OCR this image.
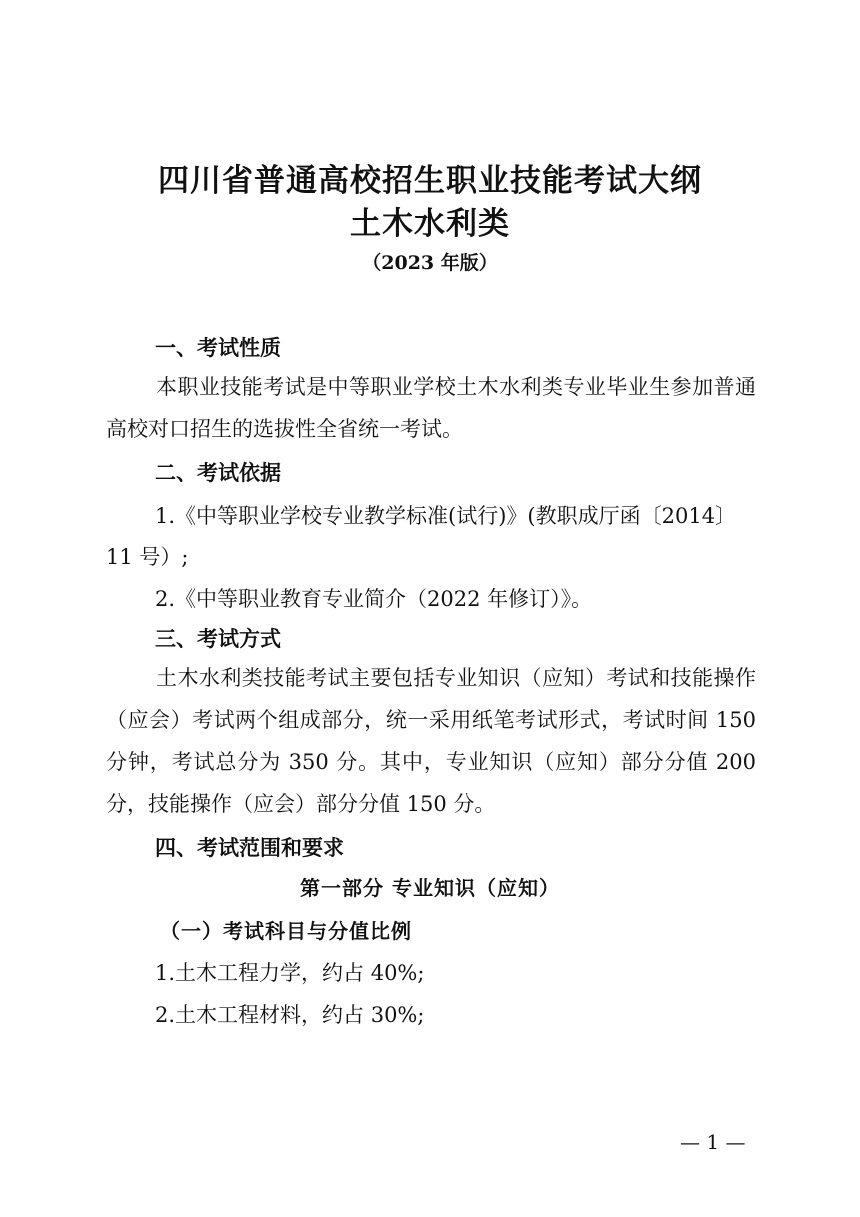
四川省普通高校招生职业技能考试大纲
土木水利类
（2023 年版）
一、考试性质

本职业技能考试是中等职业学校土木水利类专业毕业生参加普通高校对口招生的选拔性全省统一考试。

二、考试依据
1.《中等职业学校专业教学标准(试行)》(教职成厅函〔2014〕
11 号）;
2.《中等职业教育专业简介（2022 年修订）》。
三、考试方式

土木水利类技能考试主要包括专业知识（应知）考试和技能操作（应会）考试两个组成部分，统一采用纸笔考试形式，考试时间 150 分钟，考试总分为 350 分。其中，专业知识（应知）部分分值 200 分，技能操作（应会）部分分值 150 分。

四、考试范围和要求
第一部分 专业知识（应知）
（一）考试科目与分值比例
1.土木工程力学，约占 40%;
2.土木工程材料，约占 30%;
— 1 —
